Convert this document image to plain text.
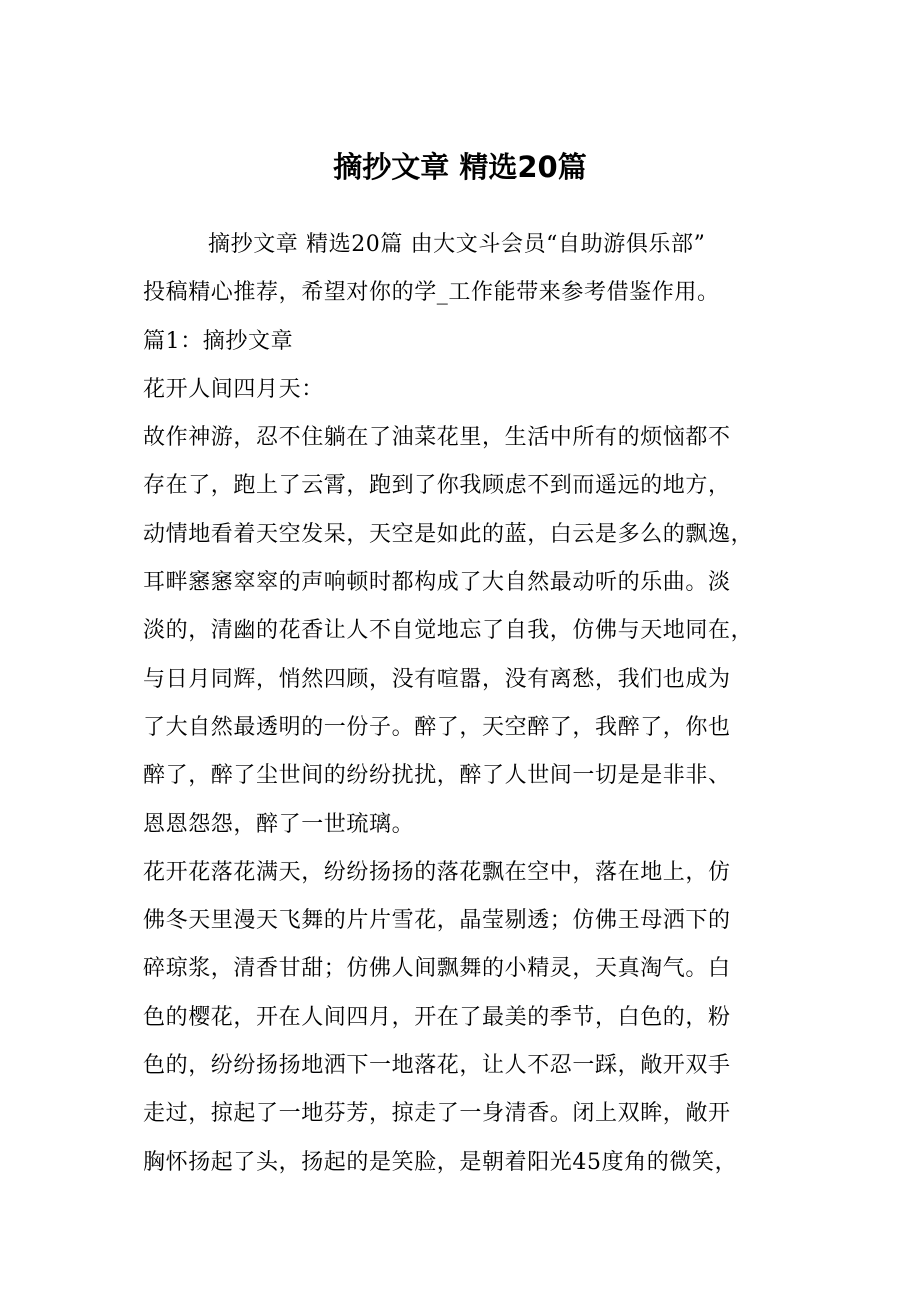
摘抄文章 精选20篇
摘抄文章 精选20篇 由大文斗会员“自助游俱乐部”
投稿精心推荐，希望对你的学_工作能带来参考借鉴作用。
篇1：摘抄文章
花开人间四月天：
故作神游，忍不住躺在了油菜花里，生活中所有的烦恼都不
存在了，跑上了云霄，跑到了你我顾虑不到而遥远的地方，
动情地看着天空发呆，天空是如此的蓝，白云是多么的飘逸，
耳畔窸窸窣窣的声响顿时都构成了大自然最动听的乐曲。淡
淡的，清幽的花香让人不自觉地忘了自我，仿佛与天地同在，
与日月同辉，悄然四顾，没有喧嚣，没有离愁，我们也成为
了大自然最透明的一份子。醉了，天空醉了，我醉了，你也
醉了，醉了尘世间的纷纷扰扰，醉了人世间一切是是非非、
恩恩怨怨，醉了一世琉璃。
花开花落花满天，纷纷扬扬的落花飘在空中，落在地上，仿
佛冬天里漫天飞舞的片片雪花，晶莹剔透；仿佛王母洒下的
碎琼浆，清香甘甜；仿佛人间飘舞的小精灵，天真淘气。白
色的樱花，开在人间四月，开在了最美的季节，白色的，粉
色的，纷纷扬扬地洒下一地落花，让人不忍一踩，敞开双手
走过，掠起了一地芬芳，掠走了一身清香。闭上双眸，敞开
胸怀扬起了头，扬起的是笑脸，是朝着阳光45度角的微笑，
